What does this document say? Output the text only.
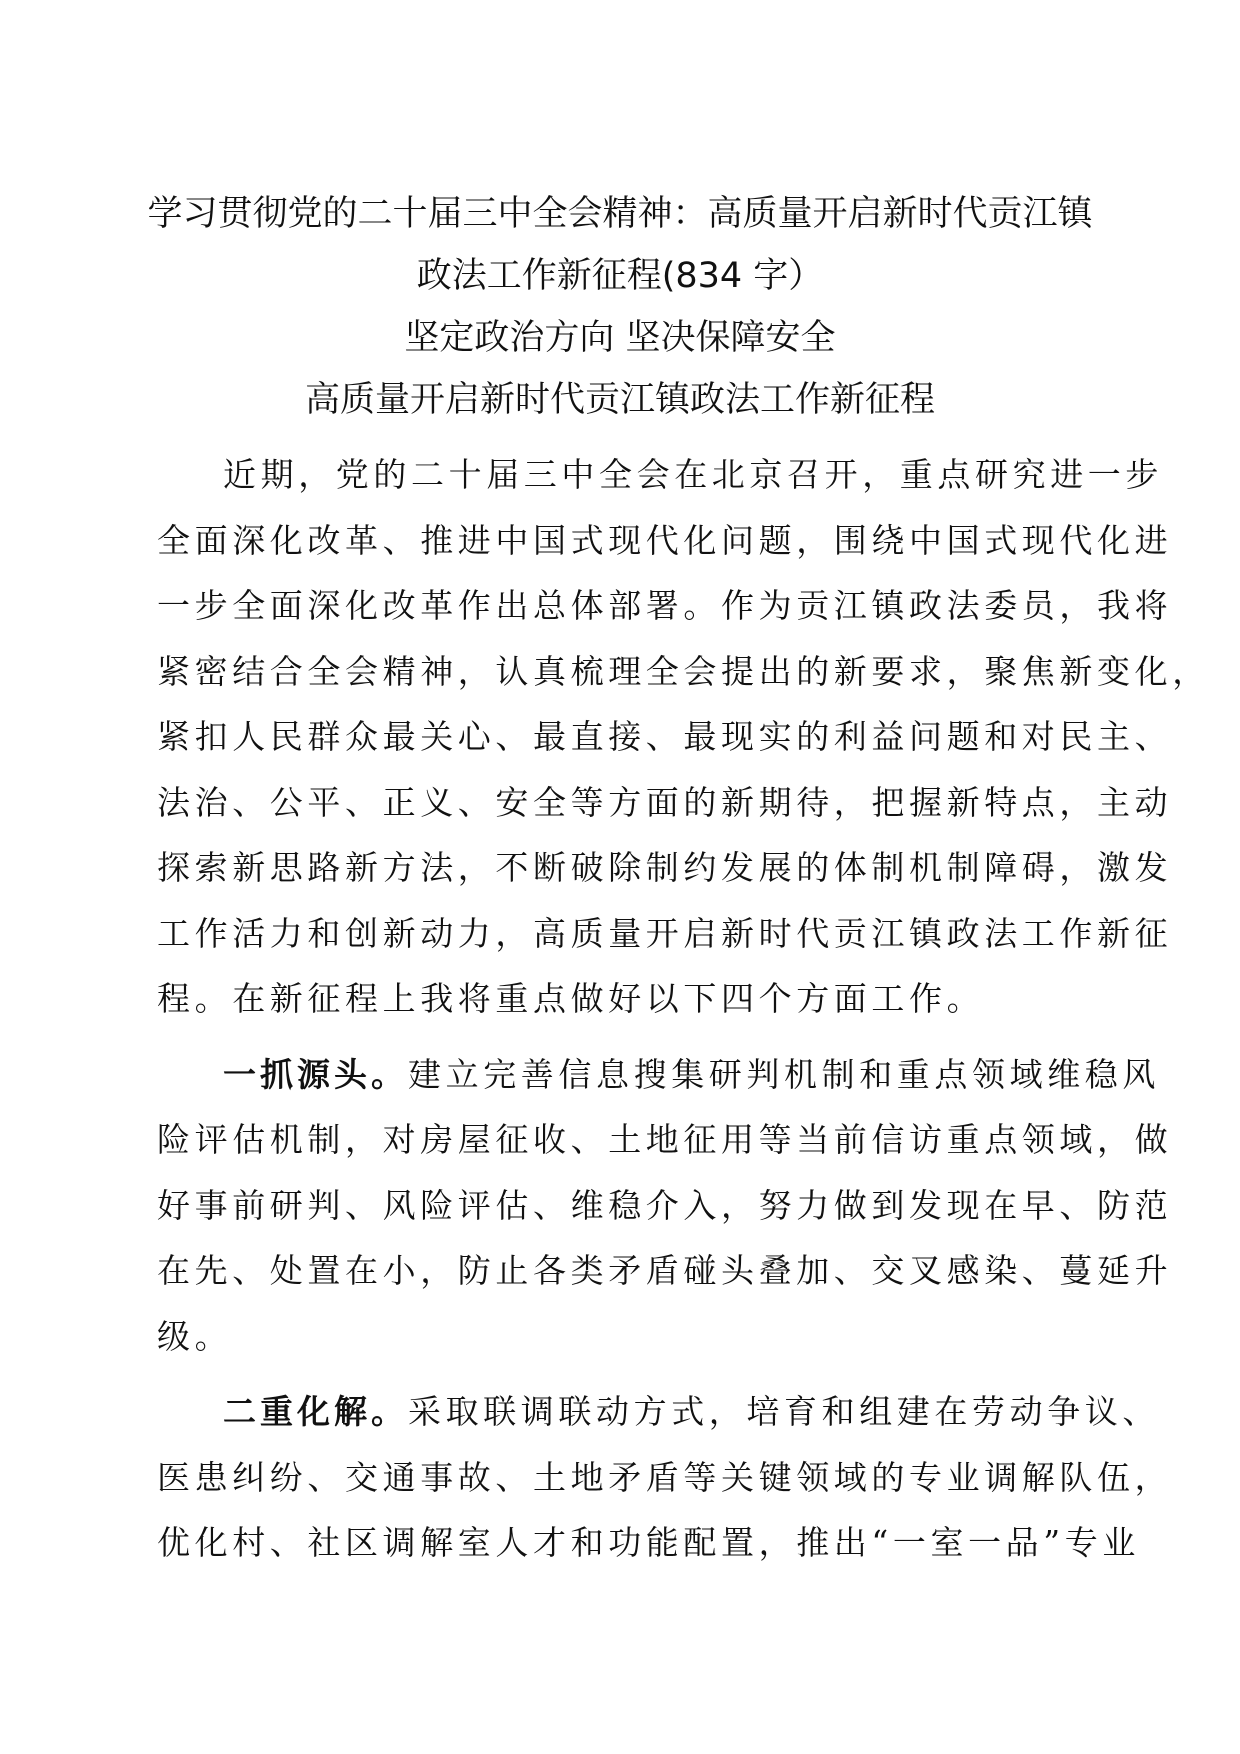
学习贯彻党的二十届三中全会精神：高质量开启新时代贡江镇
政法工作新征程(834 字）
坚定政治方向 坚决保障安全
高质量开启新时代贡江镇政法工作新征程
近期，党的二十届三中全会在北京召开，重点研究进一步
全面深化改革、推进中国式现代化问题，围绕中国式现代化进
一步全面深化改革作出总体部署。作为贡江镇政法委员，我将
紧密结合全会精神，认真梳理全会提出的新要求，聚焦新变化，
紧扣人民群众最关心、最直接、最现实的利益问题和对民主、
法治、公平、正义、安全等方面的新期待，把握新特点，主动
探索新思路新方法，不断破除制约发展的体制机制障碍，激发
工作活力和创新动力，高质量开启新时代贡江镇政法工作新征
程。在新征程上我将重点做好以下四个方面工作。
一抓源头。建立完善信息搜集研判机制和重点领域维稳风
险评估机制，对房屋征收、土地征用等当前信访重点领域，做
好事前研判、风险评估、维稳介入，努力做到发现在早、防范
在先、处置在小，防止各类矛盾碰头叠加、交叉感染、蔓延升
级。
二重化解。采取联调联动方式，培育和组建在劳动争议、
医患纠纷、交通事故、土地矛盾等关键领域的专业调解队伍，
优化村、社区调解室人才和功能配置，推出“一室一品”专业
